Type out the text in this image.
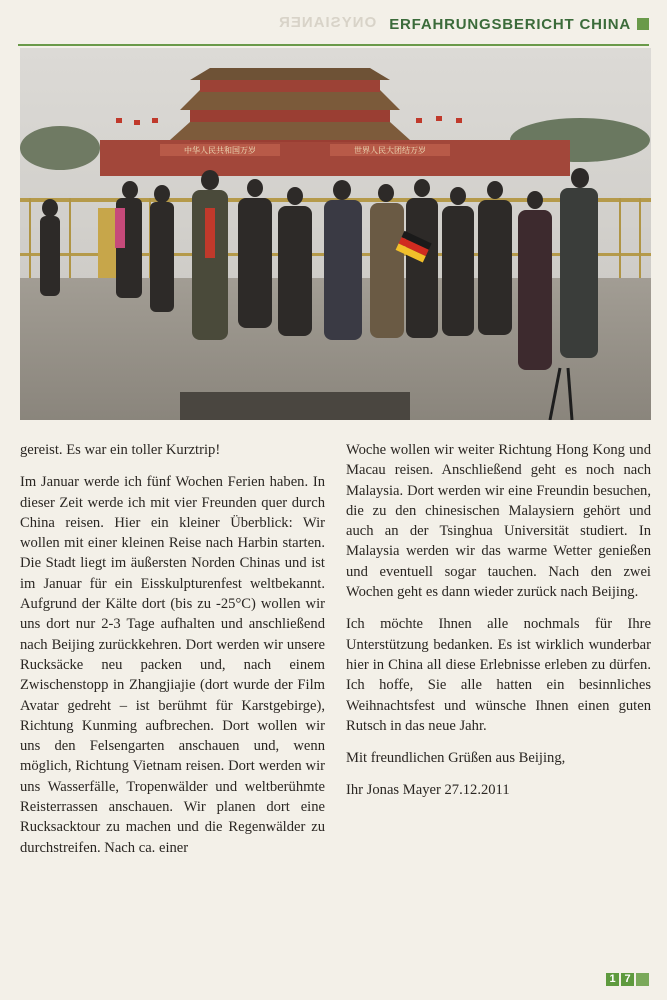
ONYSIANER ERFAHRUNGSBERICHT CHINA
中华人民共和国万岁	世界人民大团结万岁

gereist. Es war ein toller Kurztrip!

Im Januar werde ich fünf Wochen Ferien haben. In dieser Zeit werde ich mit vier Freunden quer durch China reisen. Hier ein kleiner Überblick: Wir wollen mit einer kleinen Reise nach Harbin starten. Die Stadt liegt im äußersten Norden Chinas und ist im Januar für ein Eisskulpturenfest weltbekannt. Aufgrund der Kälte dort (bis zu -25°C) wollen wir uns dort nur 2-3 Tage aufhalten und anschließend nach Beijing zurückkehren. Dort werden wir unsere Rucksäcke neu packen und, nach einem Zwischenstopp in Zhangjiajie (dort wurde der Film Avatar gedreht – ist berühmt für Karstgebirge), Richtung Kunming aufbrechen. Dort wollen wir uns den Felsengarten anschauen und, wenn möglich, Richtung Vietnam reisen. Dort werden wir uns Wasserfälle, Tropenwälder und weltberühmte Reisterrassen anschauen. Wir planen dort eine Rucksacktour zu machen und die Regenwälder zu durchstreifen. Nach ca. einer

Woche wollen wir weiter Richtung Hong Kong und Macau reisen. Anschließend geht es noch nach Malaysia. Dort werden wir eine Freundin besuchen, die zu den chinesischen Malaysiern gehört und auch an der Tsinghua Universität studiert. In Malaysia werden wir das warme Wetter genießen und eventuell sogar tauchen. Nach den zwei Wochen geht es dann wieder zurück nach Beijing.

Ich möchte Ihnen alle nochmals für Ihre Unterstützung bedanken. Es ist wirklich wunderbar hier in China all diese Erlebnisse erleben zu dürfen. Ich hoffe, Sie alle hatten ein besinnliches Weihnachtsfest und wünsche Ihnen einen guten Rutsch in das neue Jahr.

Mit freundlichen Grüßen aus Beijing,

Ihr Jonas Mayer 27.12.2011

1 7
